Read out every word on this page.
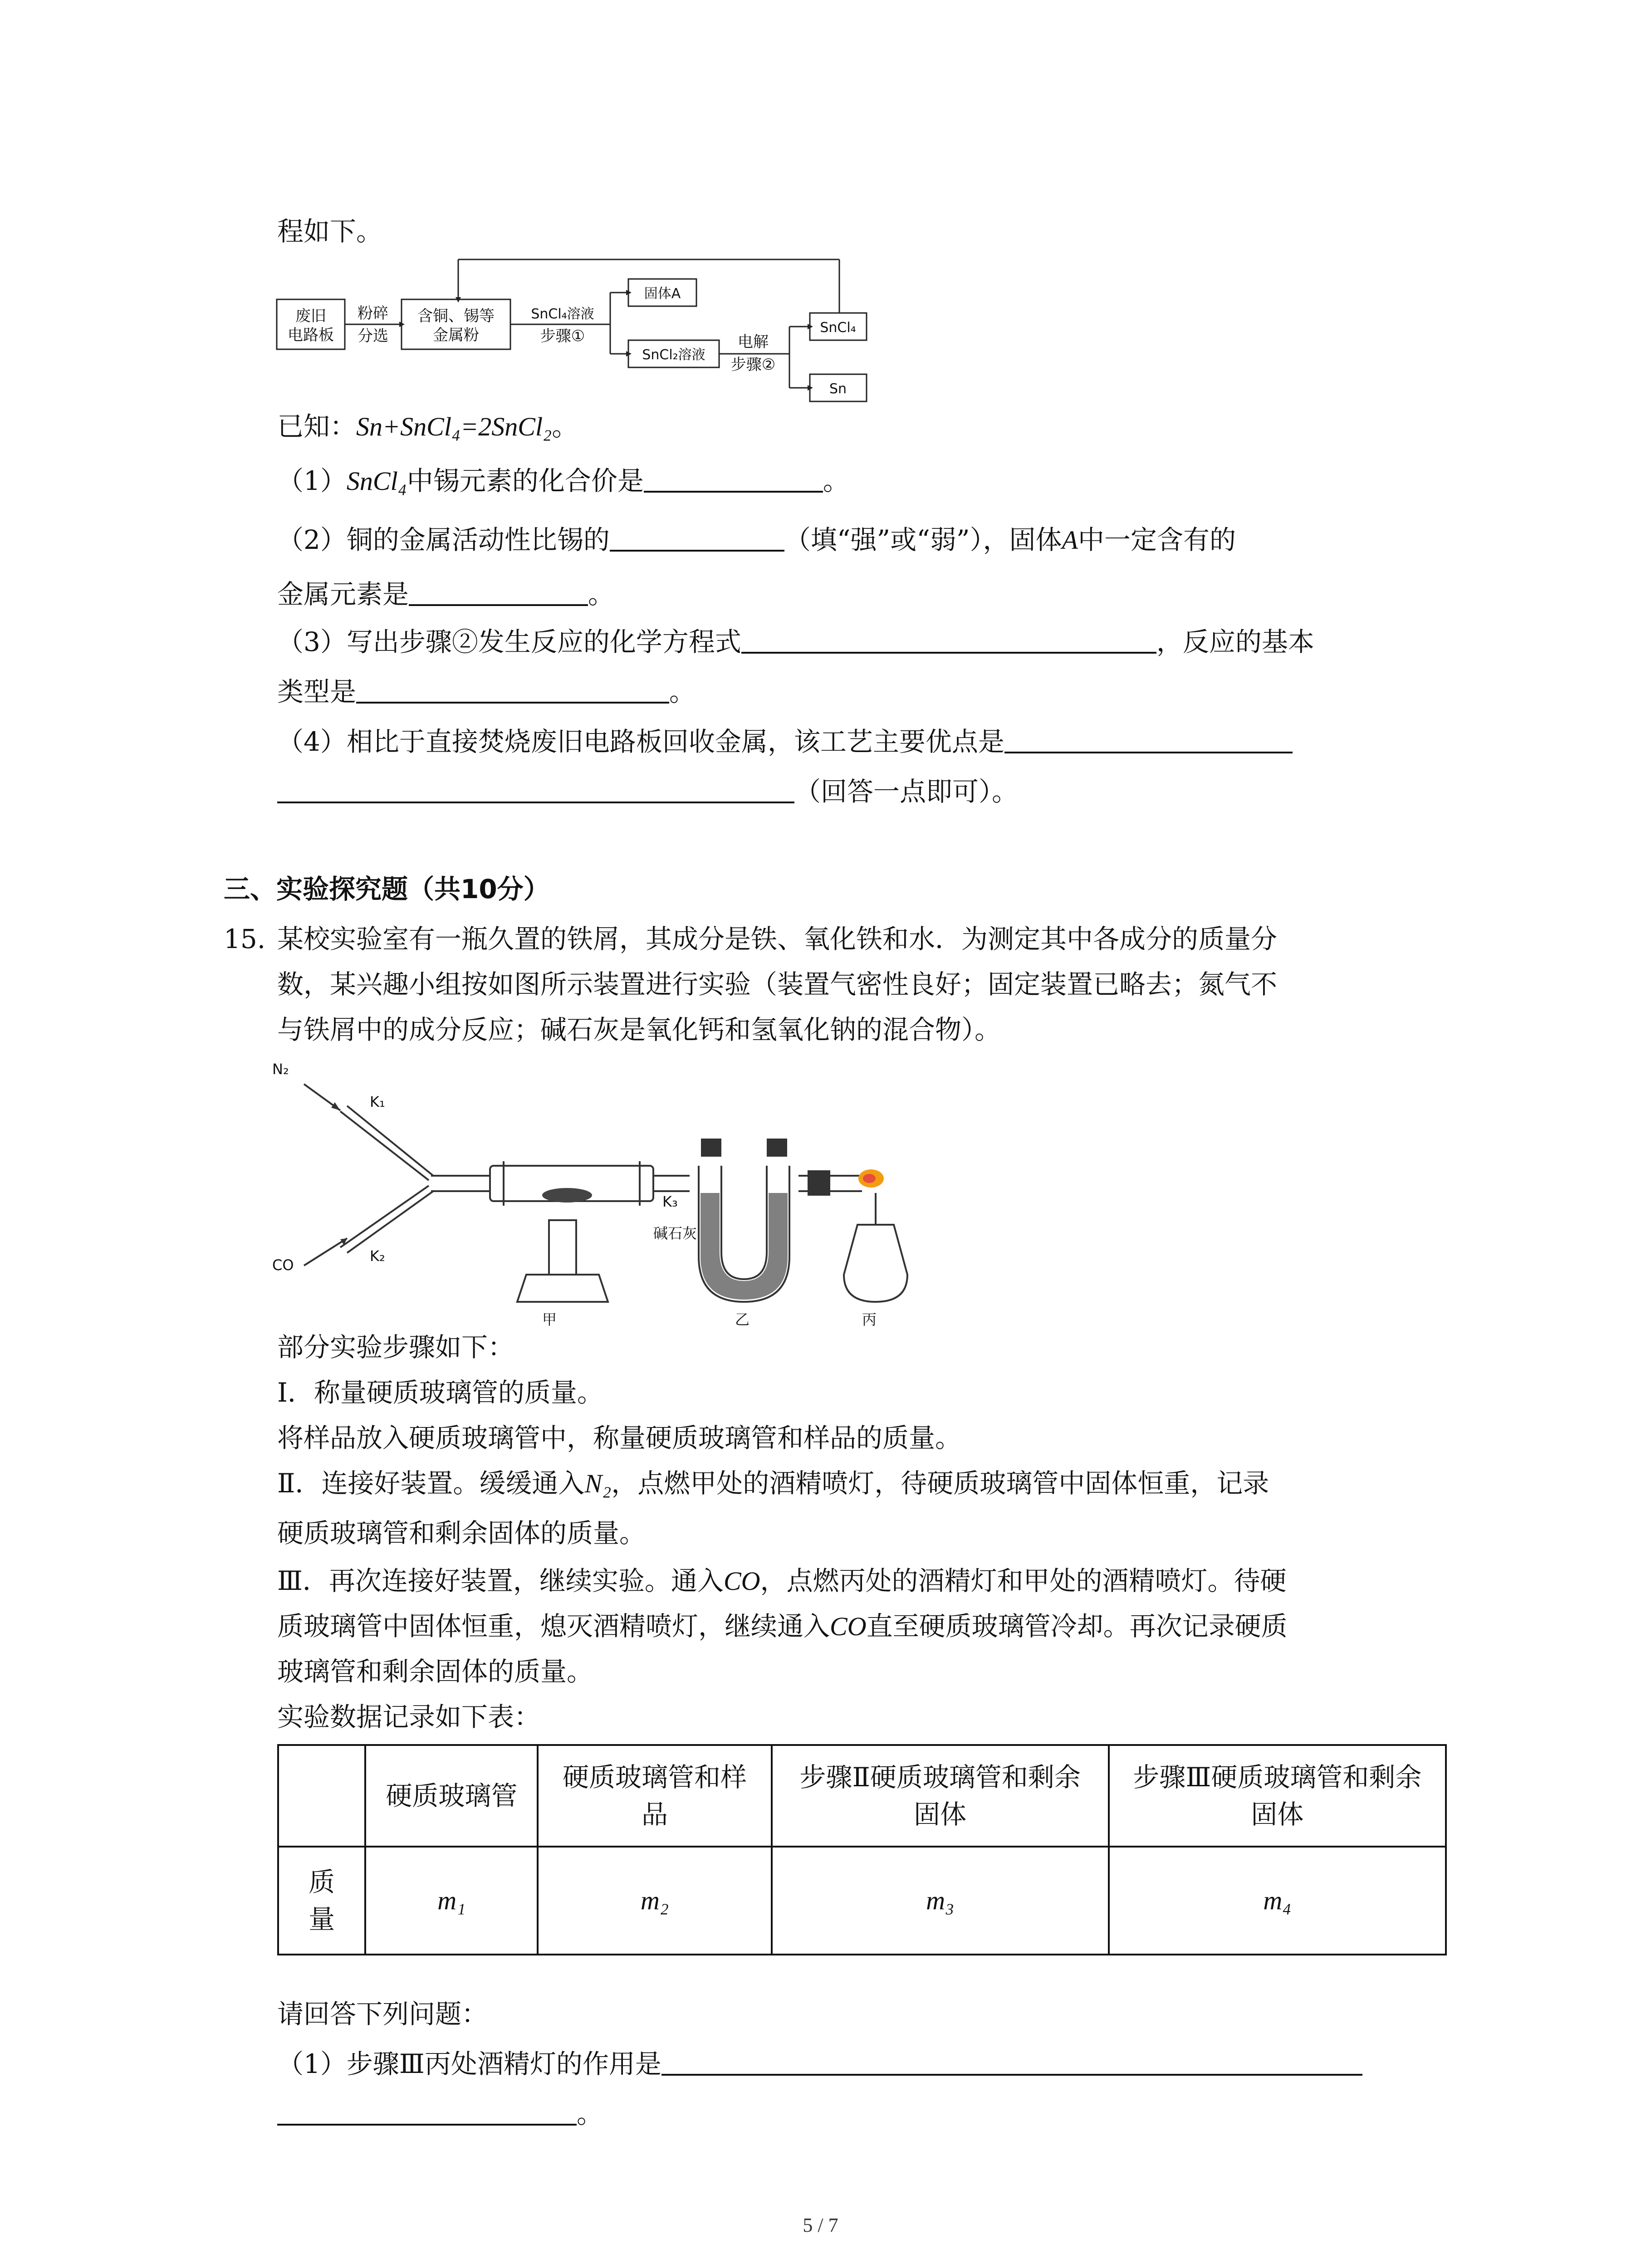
程如下。
废旧
电路板
粉碎
分选
含铜、锡等
金属粉
SnCl₄溶液
步骤①
固体A
SnCl₂溶液
电解
步骤②
SnCl₄
Sn
已知：Sn+SnCl₄=2SnCl₂。
（1）SnCl₄中锡元素的化合价是	。
（2）铜的金属活动性比锡的	（填“强”或“弱”），固体A中一定含有的
金属元素是	。
（3）写出步骤②发生反应的化学方程式	，反应的基本
类型是	。
（4）相比于直接焚烧废旧电路板回收金属，该工艺主要优点是
（回答一点即可）。
三、实验探究题（共10分）
15. 某校实验室有一瓶久置的铁屑，其成分是铁、氧化铁和水．为测定其中各成分的质量分
数，某兴趣小组按如图所示装置进行实验（装置气密性良好；固定装置已略去；氮气不
与铁屑中的成分反应；碱石灰是氧化钙和氢氧化钠的混合物）。
N₂
K₁
K₂
K₃
CO
碱石灰
甲	乙	丙
部分实验步骤如下：
Ⅰ．称量硬质玻璃管的质量。
将样品放入硬质玻璃管中，称量硬质玻璃管和样品的质量。
Ⅱ．连接好装置。缓缓通入N₂，点燃甲处的酒精喷灯，待硬质玻璃管中固体恒重，记录
硬质玻璃管和剩余固体的质量。
Ⅲ．再次连接好装置，继续实验。通入CO，点燃丙处的酒精灯和甲处的酒精喷灯。待硬
质玻璃管中固体恒重，熄灭酒精喷灯，继续通入CO直至硬质玻璃管冷却。再次记录硬质
玻璃管和剩余固体的质量。
实验数据记录如下表：
	硬质玻璃管	硬质玻璃管和样品	步骤Ⅱ硬质玻璃管和剩余固体	步骤Ⅲ硬质玻璃管和剩余固体
质量	m₁	m₂	m₃	m₄
请回答下列问题：
（1）步骤Ⅲ丙处酒精灯的作用是
。
5 / 7
